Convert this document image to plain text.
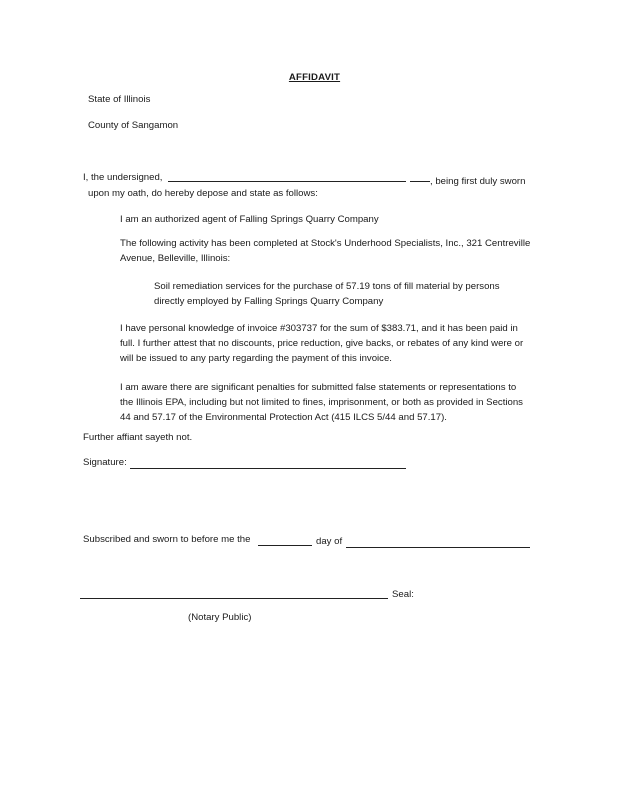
AFFIDAVIT
State of Illinois
County of Sangamon
I, the undersigned,	, being first duly sworn
upon my oath, do hereby depose and state as follows:
I am an authorized agent of Falling Springs Quarry Company
The following activity has been completed at Stock's Underhood Specialists, Inc., 321 Centreville
Avenue, Belleville, Illinois:
Soil remediation services for the purchase of 57.19 tons of fill material by persons
directly employed by Falling Springs Quarry Company
I have personal knowledge of invoice #303737 for the sum of $383.71, and it has been paid in
full. I further attest that no discounts, price reduction, give backs, or rebates of any kind were or
will be issued to any party regarding the payment of this invoice.
I am aware there are significant penalties for submitted false statements or representations to
the Illinois EPA, including but not limited to fines, imprisonment, or both as provided in Sections
44 and 57.17 of the Environmental Protection Act (415 ILCS 5/44 and 57.17).
Further affiant sayeth not.
Signature:
Subscribed and sworn to before me the	day of
Seal:
(Notary Public)
